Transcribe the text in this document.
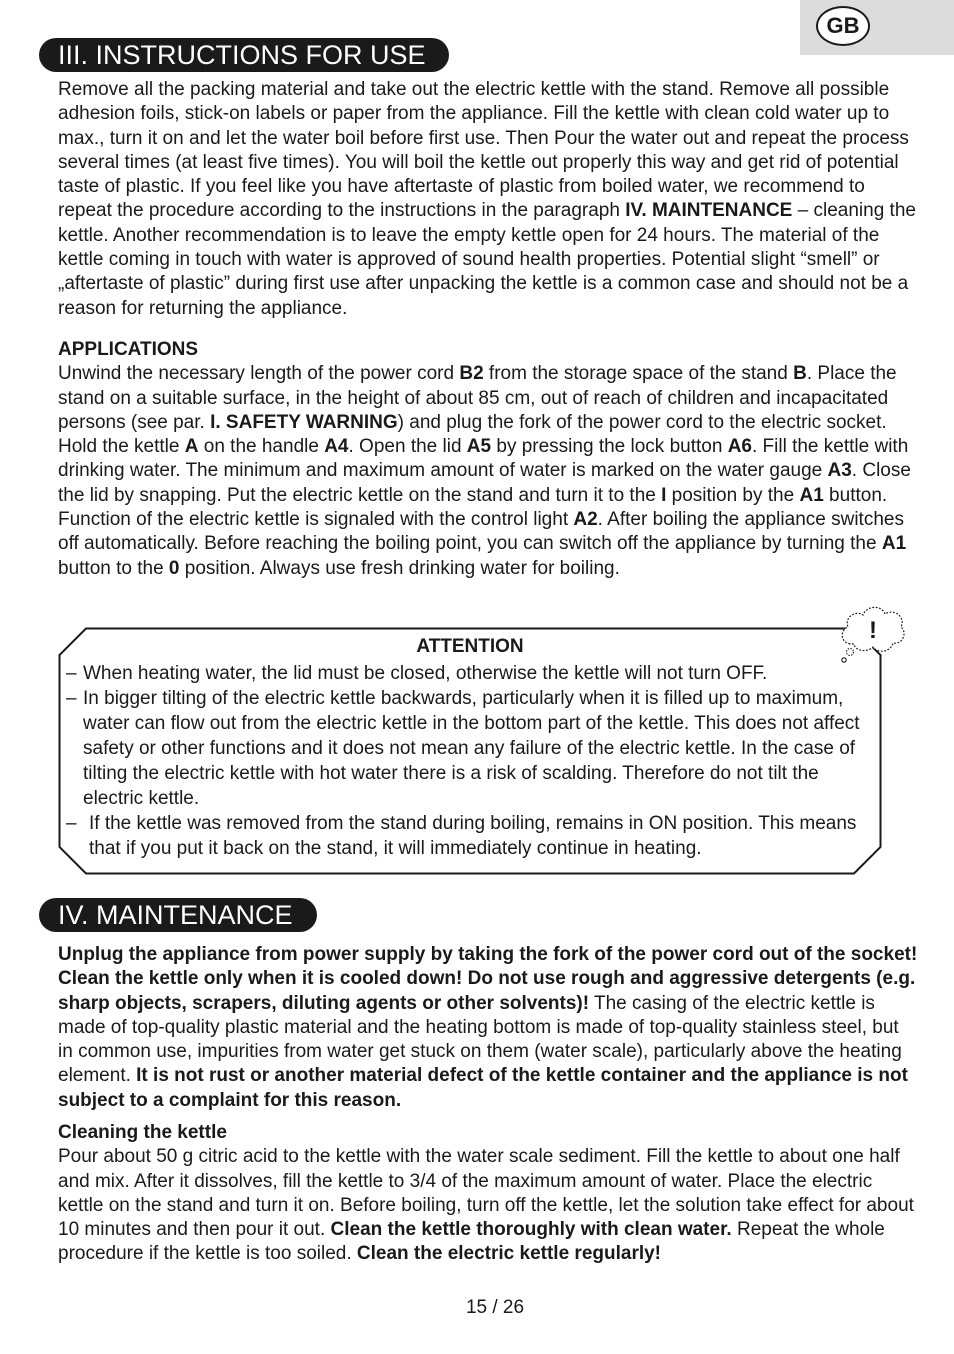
GB
III. INSTRUCTIONS FOR USE

Remove all the packing material and take out the electric kettle with the stand. Remove all possible adhesion foils, stick-on labels or paper from the appliance. Fill the kettle with clean cold water up to max., turn it on and let the water boil before first use. Then Pour the water out and repeat the process several times (at least five times). You will boil the kettle out properly this way and get rid of potential taste of plastic. If you feel like you have aftertaste of plastic from boiled water, we recommend to repeat the procedure according to the instructions in the paragraph IV. MAINTENANCE – cleaning the kettle. Another recommendation is to leave the empty kettle open for 24 hours. The material of the kettle coming in touch with water is approved of sound health properties. Potential slight “smell” or „aftertaste of plastic” during first use after unpacking the kettle is a common case and should not be a reason for returning the appliance.

APPLICATIONS
Unwind the necessary length of the power cord B2 from the storage space of the stand B. Place the stand on a suitable surface, in the height of about 85 cm, out of reach of children and incapacitated persons (see par. I. SAFETY WARNING) and plug the fork of the power cord to the electric socket. Hold the kettle A on the handle A4. Open the lid A5 by pressing the lock button A6. Fill the kettle with drinking water. The minimum and maximum amount of water is marked on the water gauge A3. Close the lid by snapping. Put the electric kettle on the stand and turn it to the I position by the A1 button. Function of the electric kettle is signaled with the control light A2. After boiling the appliance switches off automatically. Before reaching the boiling point, you can switch off the appliance by turning the A1 button to the 0 position. Always use fresh drinking water for boiling.

ATTENTION
– When heating water, the lid must be closed, otherwise the kettle will not turn OFF.
– In bigger tilting of the electric kettle backwards, particularly when it is filled up to maximum, water can flow out from the electric kettle in the bottom part of the kettle. This does not affect safety or other functions and it does not mean any failure of the electric kettle. In the case of tilting the electric kettle with hot water there is a risk of scalding. Therefore do not tilt the electric kettle.
– If the kettle was removed from the stand during boiling, remains in ON position. This means that if you put it back on the stand, it will immediately continue in heating.
!
IV. MAINTENANCE

Unplug the appliance from power supply by taking the fork of the power cord out of the socket! Clean the kettle only when it is cooled down! Do not use rough and aggressive detergents (e.g. sharp objects, scrapers, diluting agents or other solvents)! The casing of the electric kettle is made of top-quality plastic material and the heating bottom is made of top-quality stainless steel, but in common use, impurities from water get stuck on them (water scale), particularly above the heating element. It is not rust or another material defect of the kettle container and the appliance is not subject to a complaint for this reason.

Cleaning the kettle
Pour about 50 g citric acid to the kettle with the water scale sediment. Fill the kettle to about one half and mix. After it dissolves, fill the kettle to 3/4 of the maximum amount of water. Place the electric kettle on the stand and turn it on. Before boiling, turn off the kettle, let the solution take effect for about 10 minutes and then pour it out. Clean the kettle thoroughly with clean water. Repeat the whole procedure if the kettle is too soiled. Clean the electric kettle regularly!

15 / 26
